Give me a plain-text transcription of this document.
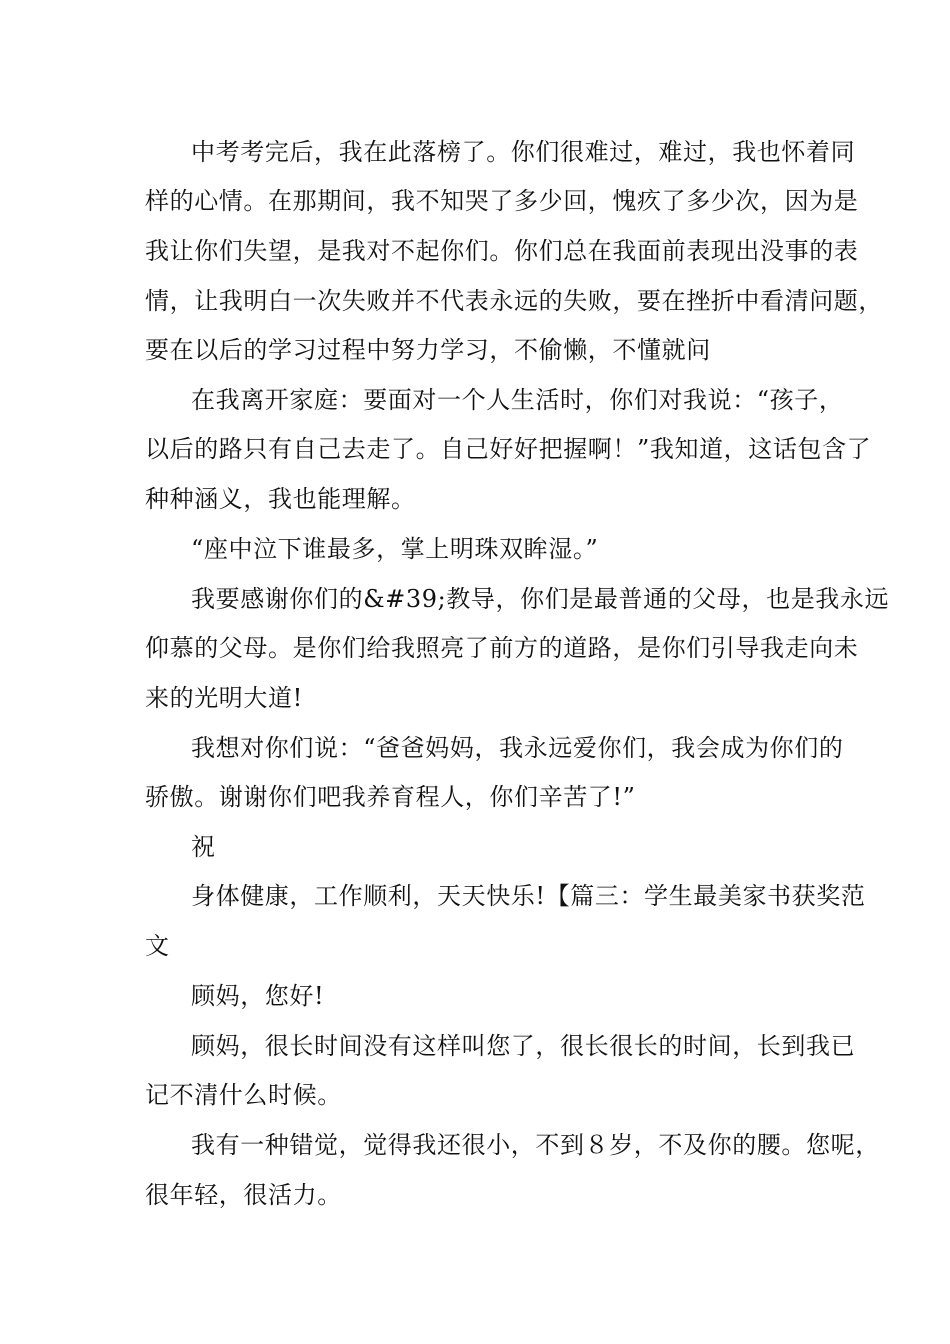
中考考完后，我在此落榜了。你们很难过，难过，我也怀着同
样的心情。在那期间，我不知哭了多少回，愧疚了多少次，因为是
我让你们失望，是我对不起你们。你们总在我面前表现出没事的表
情，让我明白一次失败并不代表永远的失败，要在挫折中看清问题，
要在以后的学习过程中努力学习，不偷懒，不懂就问
在我离开家庭：要面对一个人生活时，你们对我说：“孩子，
以后的路只有自己去走了。自己好好把握啊！”我知道，这话包含了
种种涵义，我也能理解。
“座中泣下谁最多，掌上明珠双眸湿。”
我要感谢你们的&#39;教导，你们是最普通的父母，也是我永远
仰慕的父母。是你们给我照亮了前方的道路，是你们引导我走向未
来的光明大道!
我想对你们说：“爸爸妈妈，我永远爱你们，我会成为你们的
骄傲。谢谢你们吧我养育程人，你们辛苦了!”
祝
身体健康，工作顺利，天天快乐!【篇三：学生最美家书获奖范
文
顾妈，您好!
顾妈，很长时间没有这样叫您了，很长很长的时间，长到我已
记不清什么时候。
我有一种错觉，觉得我还很小，不到８岁，不及你的腰。您呢，
很年轻，很活力。
